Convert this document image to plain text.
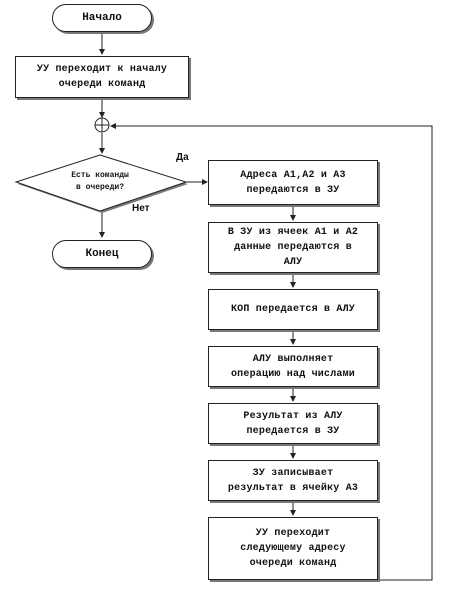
Начало
УУ переходит к началу
очереди команд
Есть команды
в очереди?
Да
Нет
Конец
Адреса А1,А2 и А3
передаются в ЗУ
В ЗУ из ячеек А1 и А2
данные передаются в
АЛУ
КОП передается в АЛУ
АЛУ выполняет
операцию над числами
Результат из АЛУ
передается в ЗУ
ЗУ записывает
результат в ячейку А3
УУ переходит
следующему адресу
очереди команд
